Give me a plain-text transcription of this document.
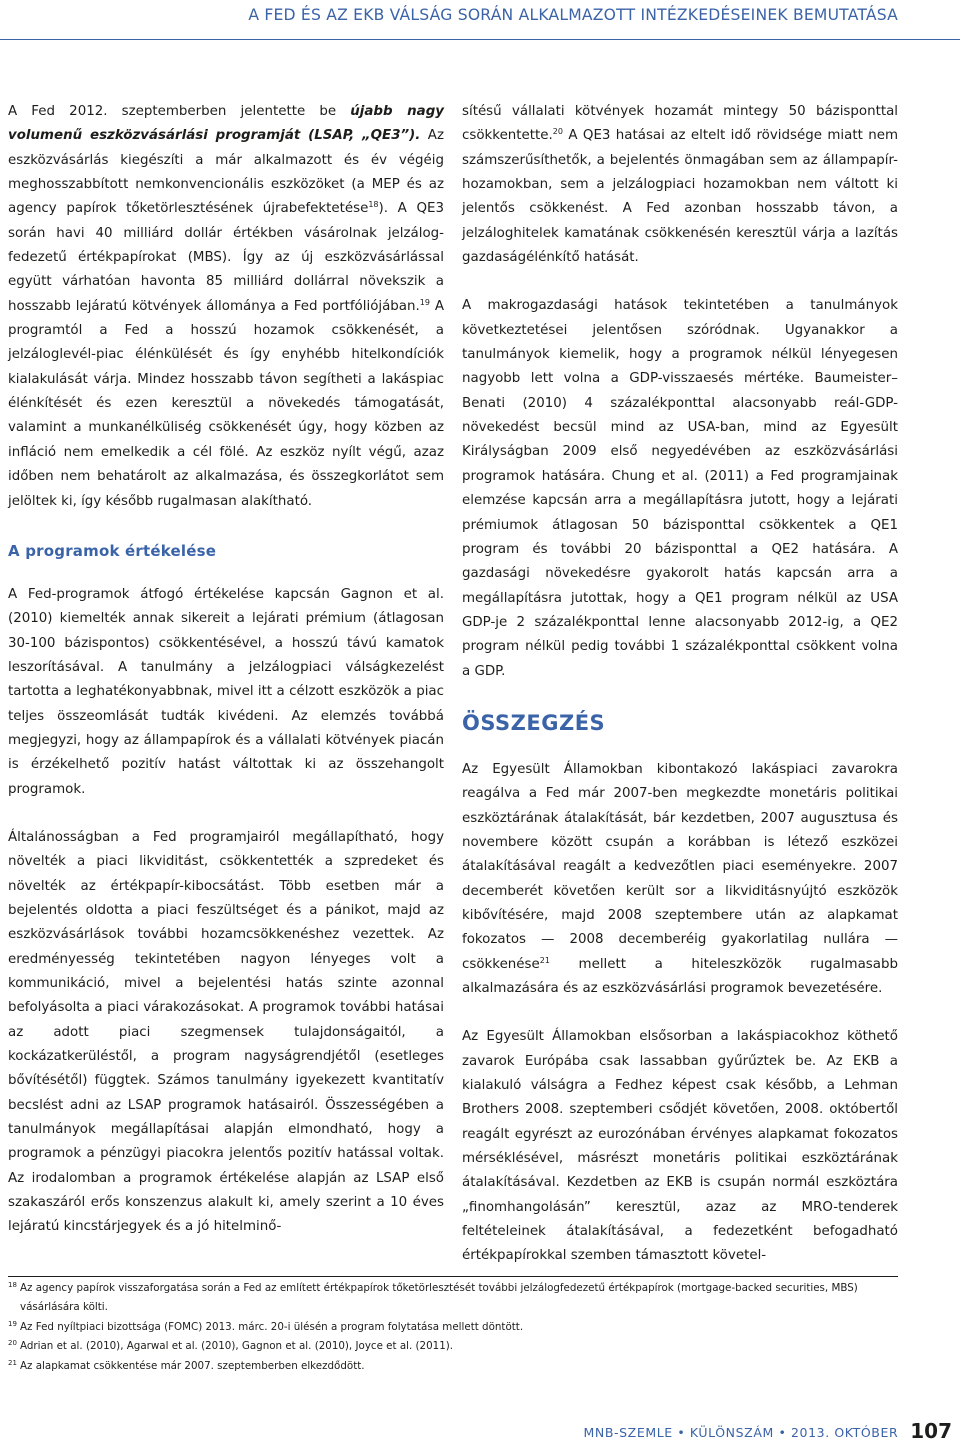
A FED ÉS AZ EKB VÁLSÁG SORÁN ALKALMAZOTT INTÉZKEDÉSEINEK BEMUTATÁSA

A Fed 2012. szeptemberben jelentette be újabb nagy volumenű eszközvásárlási programját (LSAP, „QE3”). Az eszközvásárlás kiegészíti a már alkalmazott és év végéig meghosszabbított nemkonvencionális eszközöket (a MEP és az agency papírok tőketörlesztésének újrabefektetése$^{18}$). A QE3 során havi 40 milliárd dollár értékben vásárolnak jelzálog-fedezetű értékpapírokat (MBS). Így az új eszközvásárlással együtt várhatóan havonta 85 milliárd dollárral növekszik a hosszabb lejáratú kötvények állománya a Fed portfóliójában.$^{19}$ A programtól a Fed a hosszú hozamok csökkenését, a jelzáloglevél-piac élénkülését és így enyhébb hitelkondíciók kialakulását várja. Mindez hosszabb távon segítheti a lakáspiac élénkítését és ezen keresztül a növekedés támogatását, valamint a munkanélküliség csökkenését úgy, hogy közben az infláció nem emelkedik a cél fölé. Az eszköz nyílt végű, azaz időben nem behatárolt az alkalmazása, és összegkorlátot sem jelöltek ki, így később rugalmasan alakítható.

A programok értékelése

A Fed-programok átfogó értékelése kapcsán Gagnon et al. (2010) kiemelték annak sikereit a lejárati prémium (átlagosan 30-100 bázispontos) csökkentésével, a hosszú távú kamatok leszorításával. A tanulmány a jelzálogpiaci válságkezelést tartotta a leghatékonyabbnak, mivel itt a célzott eszközök a piac teljes összeomlását tudták kivédeni. Az elemzés továbbá megjegyzi, hogy az állampapírok és a vállalati kötvények piacán is érzékelhető pozitív hatást váltottak ki az összehangolt programok.

Általánosságban a Fed programjairól megállapítható, hogy növelték a piaci likviditást, csökkentették a szpredeket és növelték az értékpapír-kibocsátást. Több esetben már a bejelentés oldotta a piaci feszültséget és a pánikot, majd az eszközvásárlások további hozamcsökkenéshez vezettek. Az eredményesség tekintetében nagyon lényeges volt a kommunikáció, mivel a bejelentési hatás szinte azonnal befolyásolta a piaci várakozásokat. A programok további hatásai az adott piaci szegmensek tulajdonságaitól, a kockázatkerüléstől, a program nagyságrendjétől (esetleges bővítésétől) függtek. Számos tanulmány igyekezett kvantitatív becslést adni az LSAP programok hatásairól. Összességében a tanulmányok megállapításai alapján elmondható, hogy a programok a pénzügyi piacokra jelentős pozitív hatással voltak. Az irodalomban a programok értékelése alapján az LSAP első szakaszáról erős konszenzus alakult ki, amely szerint a 10 éves lejáratú kincstárjegyek és a jó hitelminő-

sítésű vállalati kötvények hozamát mintegy 50 bázisponttal csökkentette.$^{20}$ A QE3 hatásai az eltelt idő rövidsége miatt nem számszerűsíthetők, a bejelentés önmagában sem az állampapír-hozamokban, sem a jelzálogpiaci hozamokban nem váltott ki jelentős csökkenést. A Fed azonban hosszabb távon, a jelzáloghitelek kamatának csökkenésén keresztül várja a lazítás gazdaságélénkítő hatását.

A makrogazdasági hatások tekintetében a tanulmányok következtetései jelentősen szóródnak. Ugyanakkor a tanulmányok kiemelik, hogy a programok nélkül lényegesen nagyobb lett volna a GDP-visszaesés mértéke. Baumeister–Benati (2010) 4 százalékponttal alacsonyabb reál-GDP-növekedést becsül mind az USA-ban, mind az Egyesült Királyságban 2009 első negyedévében az eszközvásárlási programok hatására. Chung et al. (2011) a Fed programjainak elemzése kapcsán arra a megállapításra jutott, hogy a lejárati prémiumok átlagosan 50 bázisponttal csökkentek a QE1 program és további 20 bázisponttal a QE2 hatására. A gazdasági növekedésre gyakorolt hatás kapcsán arra a megállapításra jutottak, hogy a QE1 program nélkül az USA GDP-je 2 százalékponttal lenne alacsonyabb 2012-ig, a QE2 program nélkül pedig további 1 százalékponttal csökkent volna a GDP.

ÖSSZEGZÉS

Az Egyesült Államokban kibontakozó lakáspiaci zavarokra reagálva a Fed már 2007-ben megkezdte monetáris politikai eszköztárának átalakítását, bár kezdetben, 2007 augusztusa és novembere között csupán a korábban is létező eszközei átalakításával reagált a kedvezőtlen piaci eseményekre. 2007 decemberét követően került sor a likviditásnyújtó eszközök kibővítésére, majd 2008 szeptembere után az alapkamat fokozatos — 2008 decemberéig gyakorlatilag nullára — csökkenése$^{21}$ mellett a hiteleszközök rugalmasabb alkalmazására és az eszközvásárlási programok bevezetésére.

Az Egyesült Államokban elsősorban a lakáspiacokhoz köthető zavarok Európába csak lassabban gyűrűztek be. Az EKB a kialakuló válságra a Fedhez képest csak később, a Lehman Brothers 2008. szeptemberi csődjét követően, 2008. októbertől reagált egyrészt az eurozónában érvényes alapkamat fokozatos mérséklésével, másrészt monetáris politikai eszköztárának átalakításával. Kezdetben az EKB is csupán normál eszköztára „finomhangolásán” keresztül, azaz az MRO-tenderek feltételeinek átalakításával, a fedezetként befogadható értékpapírokkal szemben támasztott követel-

18 Az agency papírok visszaforgatása során a Fed az említett értékpapírok tőketörlesztését további jelzálogfedezetű értékpapírok (mortgage-backed securities, MBS) vásárlására költi.
19 Az Fed nyíltpiaci bizottsága (FOMC) 2013. márc. 20-i ülésén a program folytatása mellett döntött.
20 Adrian et al. (2010), Agarwal et al. (2010), Gagnon et al. (2010), Joyce et al. (2011).
21 Az alapkamat csökkentése már 2007. szeptemberben elkezdődött.
MNB-SZEMLE • KÜLÖNSZÁM • 2013. OKTÓBER 107
